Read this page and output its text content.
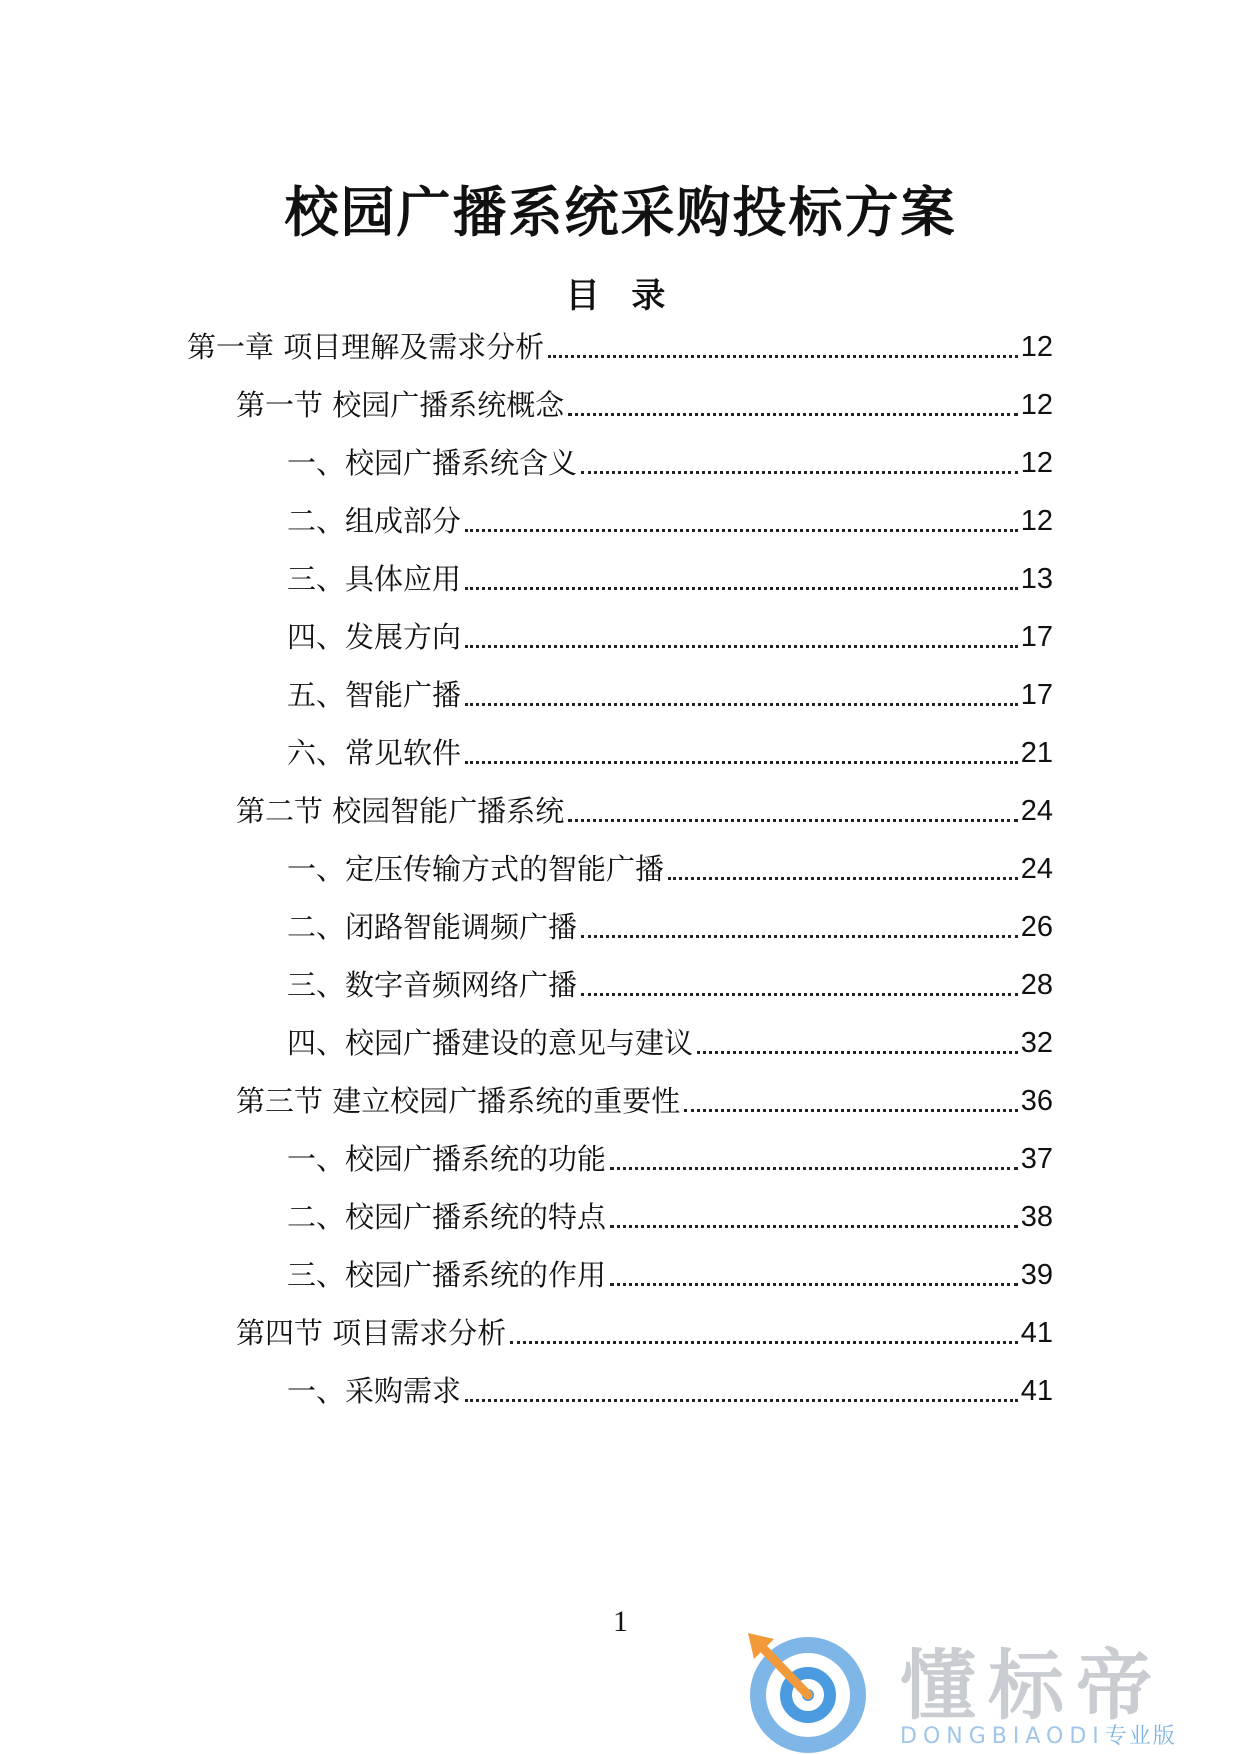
校园广播系统采购投标方案
目 录
第一章 项目理解及需求分析	12
第一节 校园广播系统概念	12
一、校园广播系统含义	12
二、组成部分	12
三、具体应用	13
四、发展方向	17
五、智能广播	17
六、常见软件	21
第二节 校园智能广播系统	24
一、定压传输方式的智能广播	24
二、闭路智能调频广播	26
三、数字音频网络广播	28
四、校园广播建设的意见与建议	32
第三节 建立校园广播系统的重要性	36
一、校园广播系统的功能	37
二、校园广播系统的特点	38
三、校园广播系统的作用	39
第四节 项目需求分析	41
一、采购需求	41
1
懂标帝
DONGBIAODI专业版
